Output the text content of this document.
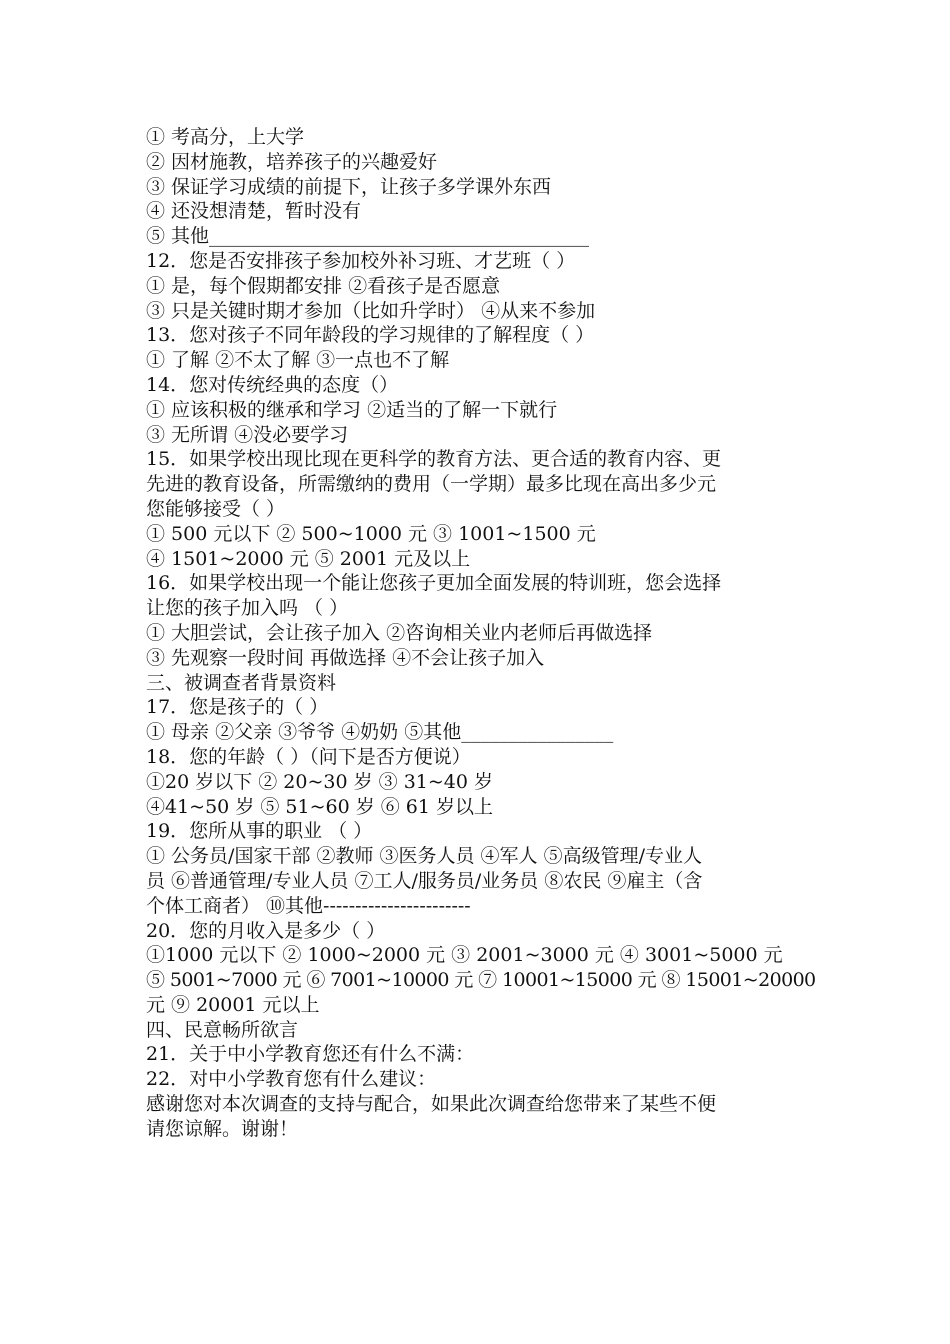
① 考高分，上大学
② 因材施教，培养孩子的兴趣爱好
③ 保证学习成绩的前提下，让孩子多学课外东西
④ 还没想清楚，暂时没有
⑤ 其他________________________________________
12．您是否安排孩子参加校外补习班、才艺班（ ）
① 是，每个假期都安排 ②看孩子是否愿意
③ 只是关键时期才参加（比如升学时） ④从来不参加
13．您对孩子不同年龄段的学习规律的了解程度（ ）
① 了解 ②不太了解 ③一点也不了解
14．您对传统经典的态度（）
① 应该积极的继承和学习 ②适当的了解一下就行
③ 无所谓 ④没必要学习
15．如果学校出现比现在更科学的教育方法、更合适的教育内容、更
先进的教育设备，所需缴纳的费用（一学期）最多比现在高出多少元
您能够接受（ ）
① 500 元以下 ② 500~1000 元 ③ 1001~1500 元
④ 1501~2000 元 ⑤ 2001 元及以上
16．如果学校出现一个能让您孩子更加全面发展的特训班，您会选择
让您的孩子加入吗 （ ）
① 大胆尝试，会让孩子加入 ②咨询相关业内老师后再做选择
③ 先观察一段时间 再做选择 ④不会让孩子加入
三、被调查者背景资料
17．您是孩子的（ ）
① 母亲 ②父亲 ③爷爷 ④奶奶 ⑤其他________________
18．您的年龄（ ）（问下是否方便说）
①20 岁以下 ② 20~30 岁 ③ 31~40 岁
④41~50 岁 ⑤ 51~60 岁 ⑥ 61 岁以上
19．您所从事的职业 （ ）
① 公务员/国家干部 ②教师 ③医务人员 ④军人 ⑤高级管理/专业人
员 ⑥普通管理/专业人员 ⑦工人/服务员/业务员 ⑧农民 ⑨雇主（含
个体工商者） ⑩其他-----------------------
20．您的月收入是多少（ ）
①1000 元以下 ② 1000~2000 元 ③ 2001~3000 元 ④ 3001~5000 元
⑤ 5001~7000 元 ⑥ 7001~10000 元 ⑦ 10001~15000 元 ⑧ 15001~20000
元 ⑨ 20001 元以上
四、民意畅所欲言
21．关于中小学教育您还有什么不满：
22．对中小学教育您有什么建议：
感谢您对本次调查的支持与配合，如果此次调查给您带来了某些不便
请您谅解。谢谢！
